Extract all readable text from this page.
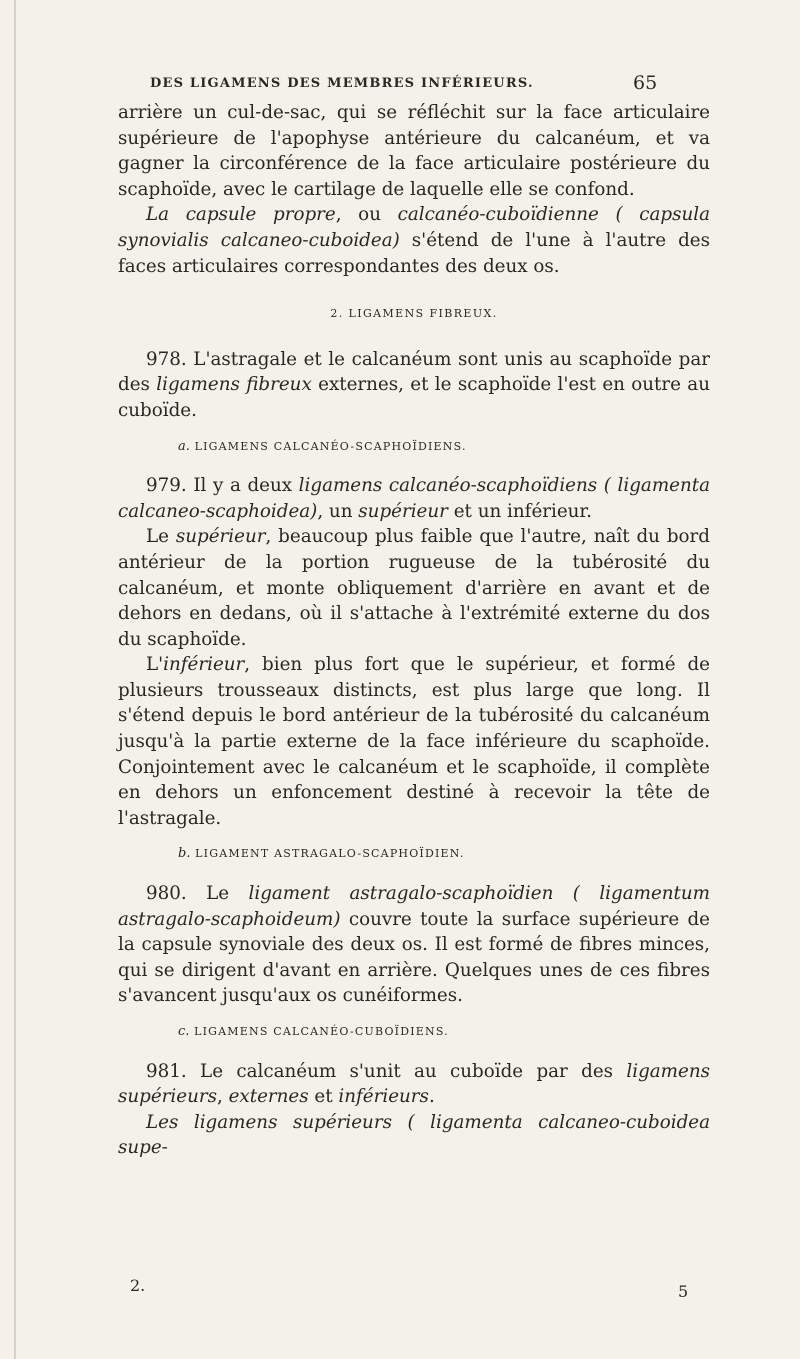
DES LIGAMENS DES MEMBRES INFÉRIEURS.	65

arrière un cul-de-sac, qui se réfléchit sur la face articulaire supérieure de l'apophyse antérieure du calcanéum, et va gagner la circonférence de la face articulaire postérieure du scaphoïde, avec le cartilage de laquelle elle se confond.

La capsule propre, ou calcanéo-cuboïdienne ( capsula synovialis calcaneo-cuboidea) s'étend de l'une à l'autre des faces articulaires correspondantes des deux os.

2. LIGAMENS FIBREUX.

978. L'astragale et le calcanéum sont unis au scaphoïde par des ligamens fibreux externes, et le scaphoïde l'est en outre au cuboïde.

a. LIGAMENS CALCANÉO-SCAPHOÏDIENS.

979. Il y a deux ligamens calcanéo-scaphoïdiens ( ligamenta calcaneo-scaphoidea), un supérieur et un inférieur.

Le supérieur, beaucoup plus faible que l'autre, naît du bord antérieur de la portion rugueuse de la tubérosité du calcanéum, et monte obliquement d'arrière en avant et de dehors en dedans, où il s'attache à l'extrémité externe du dos du scaphoïde.

L'inférieur, bien plus fort que le supérieur, et formé de plusieurs trousseaux distincts, est plus large que long. Il s'étend depuis le bord antérieur de la tubérosité du calcanéum jusqu'à la partie externe de la face inférieure du scaphoïde. Conjointement avec le calcanéum et le scaphoïde, il complète en dehors un enfoncement destiné à recevoir la tête de l'astragale.

b. LIGAMENT ASTRAGALO-SCAPHOÏDIEN.

980. Le ligament astragalo-scaphoïdien ( ligamentum astragalo-scaphoideum) couvre toute la surface supérieure de la capsule synoviale des deux os. Il est formé de fibres minces, qui se dirigent d'avant en arrière. Quelques unes de ces fibres s'avancent jusqu'aux os cunéiformes.

c. LIGAMENS CALCANÉO-CUBOÏDIENS.

981. Le calcanéum s'unit au cuboïde par des ligamens supérieurs, externes et inférieurs.

Les ligamens supérieurs ( ligamenta calcaneo-cuboidea supe-

2.	5
